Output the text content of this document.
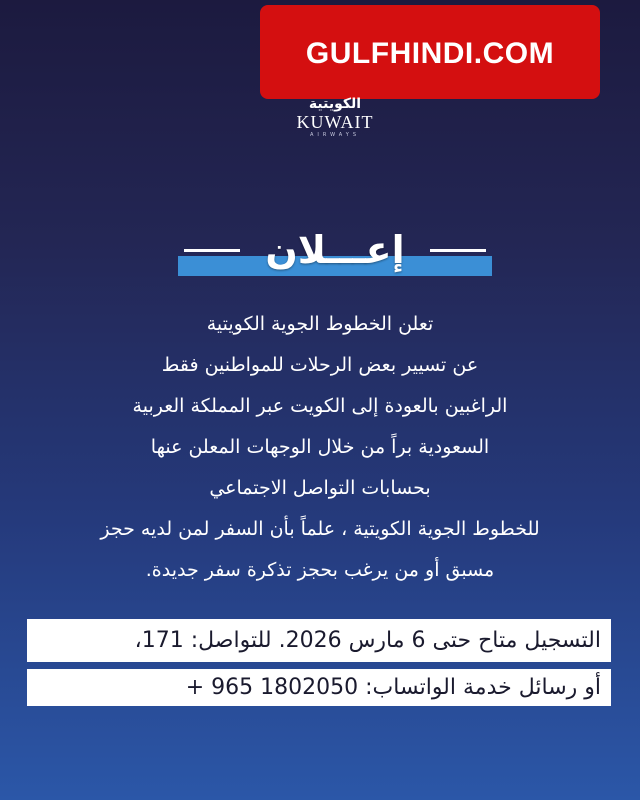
GULFHINDI.COM
الكويتية
KUWAIT
AIRWAYS
إعـــلان
تعلن الخطوط الجوية الكويتية
عن تسيير بعض الرحلات للمواطنين فقط
الراغبين بالعودة إلى الكويت عبر المملكة العربية
السعودية براً من خلال الوجهات المعلن عنها
بحسابات التواصل الاجتماعي
للخطوط الجوية الكويتية ، علماً بأن السفر لمن لديه حجز
مسبق أو من يرغب بحجز تذكرة سفر جديدة.
التسجيل متاح حتى 6 مارس 2026. للتواصل: 171،
أو رسائل خدمة الواتساب: 1802050 965 +
